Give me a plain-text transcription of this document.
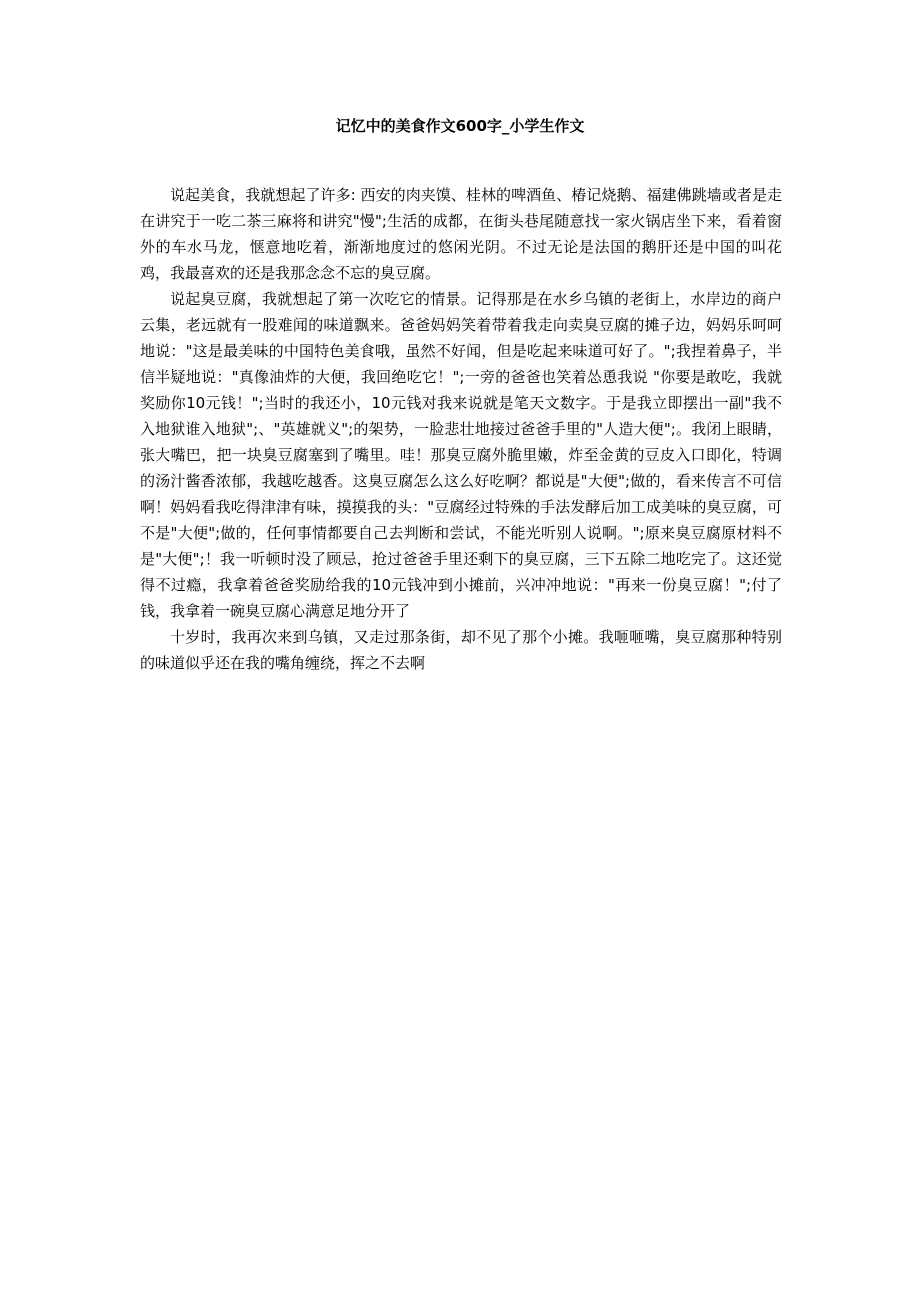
记忆中的美食作文600字_小学生作文

说起美食，我就想起了许多: 西安的肉夹馍、桂林的啤酒鱼、椿记烧鹅、福建佛跳墙或者是走在讲究于一吃二茶三麻将和讲究"慢";生活的成都，在街头巷尾随意找一家火锅店坐下来，看着窗外的车水马龙，惬意地吃着，渐渐地度过的悠闲光阴。不过无论是法国的鹅肝还是中国的叫花鸡，我最喜欢的还是我那念念不忘的臭豆腐。

说起臭豆腐，我就想起了第一次吃它的情景。记得那是在水乡乌镇的老街上，水岸边的商户云集，老远就有一股难闻的味道飘来。爸爸妈妈笑着带着我走向卖臭豆腐的摊子边，妈妈乐呵呵地说："这是最美味的中国特色美食哦，虽然不好闻，但是吃起来味道可好了。";我捏着鼻子，半信半疑地说："真像油炸的大便，我回绝吃它！";一旁的爸爸也笑着怂恿我说 "你要是敢吃，我就奖励你10元钱！";当时的我还小，10元钱对我来说就是笔天文数字。于是我立即摆出一副"我不入地狱谁入地狱";、"英雄就义";的架势，一脸悲壮地接过爸爸手里的"人造大便";。我闭上眼睛，张大嘴巴，把一块臭豆腐塞到了嘴里。哇！那臭豆腐外脆里嫩，炸至金黄的豆皮入口即化，特调的汤汁酱香浓郁，我越吃越香。这臭豆腐怎么这么好吃啊？都说是"大便";做的，看来传言不可信啊！妈妈看我吃得津津有味，摸摸我的头："豆腐经过特殊的手法发酵后加工成美味的臭豆腐，可不是"大便";做的，任何事情都要自己去判断和尝试，不能光听别人说啊。";原来臭豆腐原材料不是"大便";！我一听顿时没了顾忌，抢过爸爸手里还剩下的臭豆腐，三下五除二地吃完了。这还觉得不过瘾，我拿着爸爸奖励给我的10元钱冲到小摊前，兴冲冲地说："再来一份臭豆腐！";付了钱，我拿着一碗臭豆腐心满意足地分开了

十岁时，我再次来到乌镇，又走过那条街，却不见了那个小摊。我咂咂嘴，臭豆腐那种特别的味道似乎还在我的嘴角缠绕，挥之不去啊
